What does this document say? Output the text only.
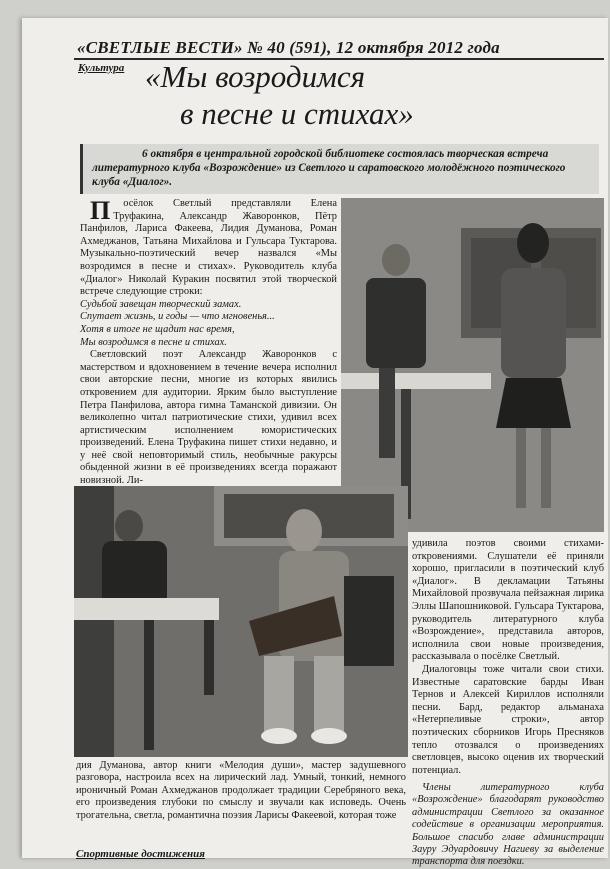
«СВЕТЛЫЕ ВЕСТИ» № 40 (591), 12 октября 2012 года
Культура «Мы возродимся
в песне и стихах»
6 октября в центральной городской библиотеке состоялась творческая встреча литературного клуба «Возрождение» из Светлого и саратовского молодёжного поэтического клуба «Диалог».

П осёлок Светлый представляли Елена Труфакина, Александр Жаворонков, Пётр Панфилов, Лариса Факеева, Лидия Думанова, Роман Ахмеджанов, Татьяна Михайлова и Гульсара Туктарова. Музыкально-поэтический вечер назвался «Мы возродимся в песне и стихах». Руководитель клуба «Диалог» Николай Куракин посвятил этой творческой встрече следующие строки:

Судьбой завещан творческий замах.

Спутает жизнь, и годы — что мгновенья...

Хотя в итоге не щадит нас время,

Мы возродимся в песне и стихах.

Светловский поэт Александр Жаворонков с мастерством и вдохновением в течение вечера исполнил свои авторские песни, многие из которых явились откровением для аудитории. Ярким было выступление Петра Панфилова, автора гимна Таманской дивизии. Он великолепно читал патриотические стихи, удивил всех артистическим исполнением юмористических произведений. Елена Труфакина пишет стихи недавно, и у неё свой неповторимый стиль, необычные ракурсы обыденной жизни в её произведениях всегда поражают новизной. Ли-

удивила поэтов своими стихами-откровениями. Слушатели её приняли хорошо, пригласили в поэтический клуб «Диалог». В декламации Татьяны Михайловой прозвучала пейзажная лирика Эллы Шапошниковой. Гульсара Туктарова, руководитель литературного клуба «Возрождение», представила авторов, исполнила свои новые произведения, рассказывала о посёлке Светлый.

Диалоговцы тоже читали свои стихи. Известные саратовские барды Иван Тернов и Алексей Кириллов исполняли песни. Бард, редактор альманаха «Нетерпеливые строки», автор поэтических сборников Игорь Пресняков тепло отозвался о произведениях светловцев, высоко оценив их творческий потенциал.

дия Думанова, автор книги «Мелодия души», мастер задушевного разговора, настроила всех на лирический лад. Умный, тонкий, немного ироничный Роман Ахмеджанов продолжает традиции Серебряного века, его произведения глубоки по смыслу и звучали как исповедь. Очень трогательна, светла, романтична поэзия Ларисы Факеевой, которая тоже

Члены литературного клуба «Возрождение» благодарят руководство администрации Светлого за оказанное содействие в организации мероприятия. Большое спасибо главе администрации Зауру Эдуардовичу Нагиеву за выделение транспорта для поездки.

Спортивные достижения
